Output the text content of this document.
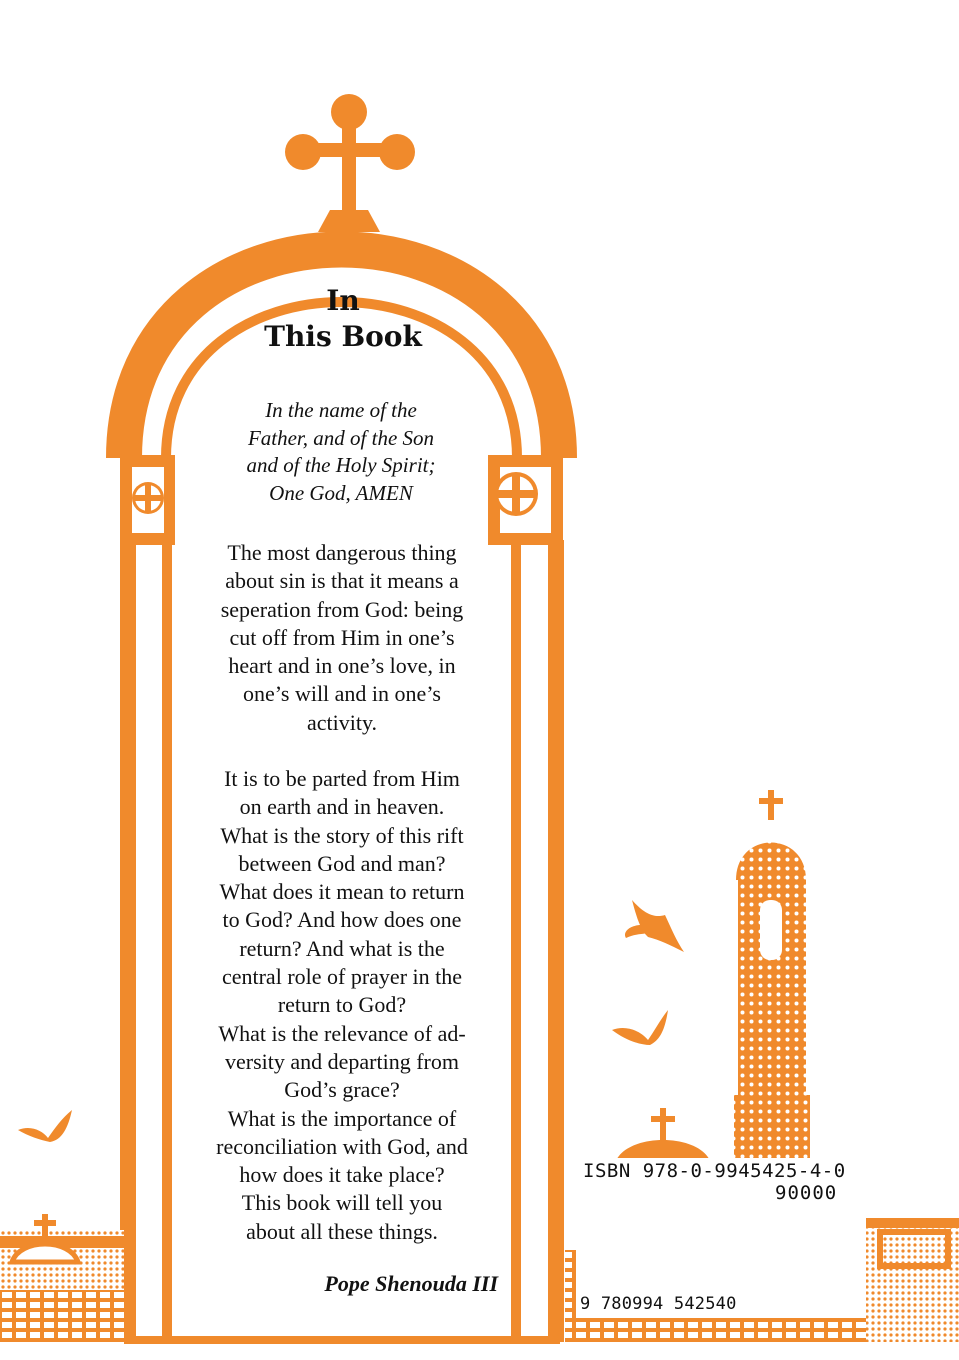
In
This Book
In the name of the
Father, and of the Son
and of the Holy Spirit;
One God, AMEN
The most dangerous thing
about sin is that it means a
seperation from God: being
cut off from Him in one’s
heart and in one’s love, in
one’s will and in one’s
activity.
It is to be parted from Him
on earth and in heaven.
What is the story of this rift
between God and man?
What does it mean to return
to God? And how does one
return? And what is the
central role of prayer in the
return to God?
What is the relevance of ad-
versity and departing from
God’s grace?
What is the importance of
reconciliation with God, and
how does it take place?
This book will tell you
about all these things.
Pope Shenouda III
ISBN 978-0-9945425-4-0
90000
9 780994 542540
